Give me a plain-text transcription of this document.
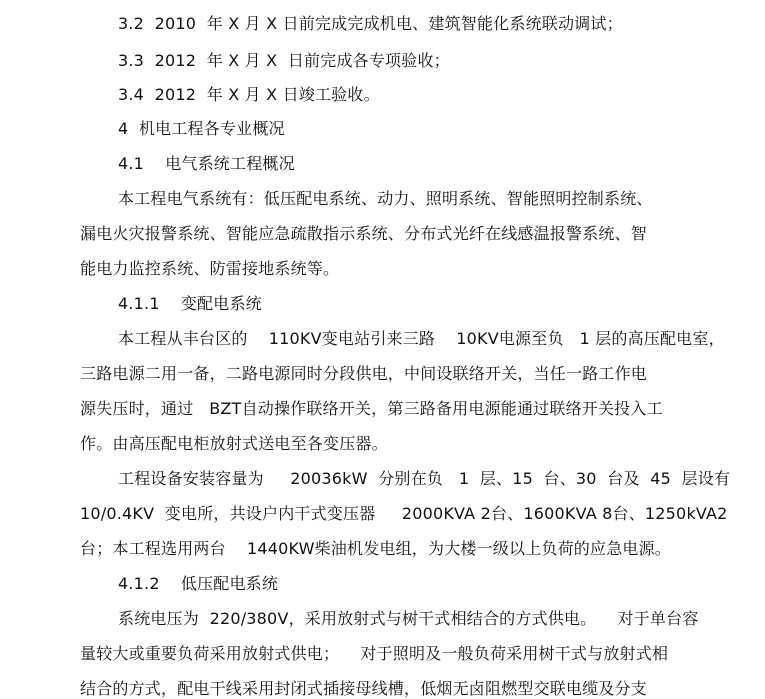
3.2  2010  年 X 月 X 日前完成完成机电、建筑智能化系统联动调试；
3.3  2012  年 X 月 X  日前完成各专项验收；
3.4  2012  年 X 月 X 日竣工验收。
4  机电工程各专业概况
4.1    电气系统工程概况
本工程电气系统有：低压配电系统、动力、照明系统、智能照明控制系统、
漏电火灾报警系统、智能应急疏散指示系统、分布式光纤在线感温报警系统、智
能电力监控系统、防雷接地系统等。
4.1.1    变配电系统
本工程从丰台区的    110KV变电站引来三路    10KV电源至负   1 层的高压配电室，
三路电源二用一备，二路电源同时分段供电，中间设联络开关，当任一路工作电
源失压时，通过   BZT自动操作联络开关，第三路备用电源能通过联络开关投入工
作。由高压配电柜放射式送电至各变压器。
工程设备安装容量为     20036kW  分别在负   1  层、15  台、30  台及  45  层设有
10/0.4KV  变电所，共设户内干式变压器     2000KVA 2台、1600KVA 8台、1250kVA2
台；本工程选用两台    1440KW柴油机发电组，为大楼一级以上负荷的应急电源。
4.1.2    低压配电系统
系统电压为  220/380V，采用放射式与树干式相结合的方式供电。    对于单台容
量较大或重要负荷采用放射式供电；    对于照明及一般负荷采用树干式与放射式相
结合的方式，配电干线采用封闭式插接母线槽，低烟无卤阻燃型交联电缆及分支
